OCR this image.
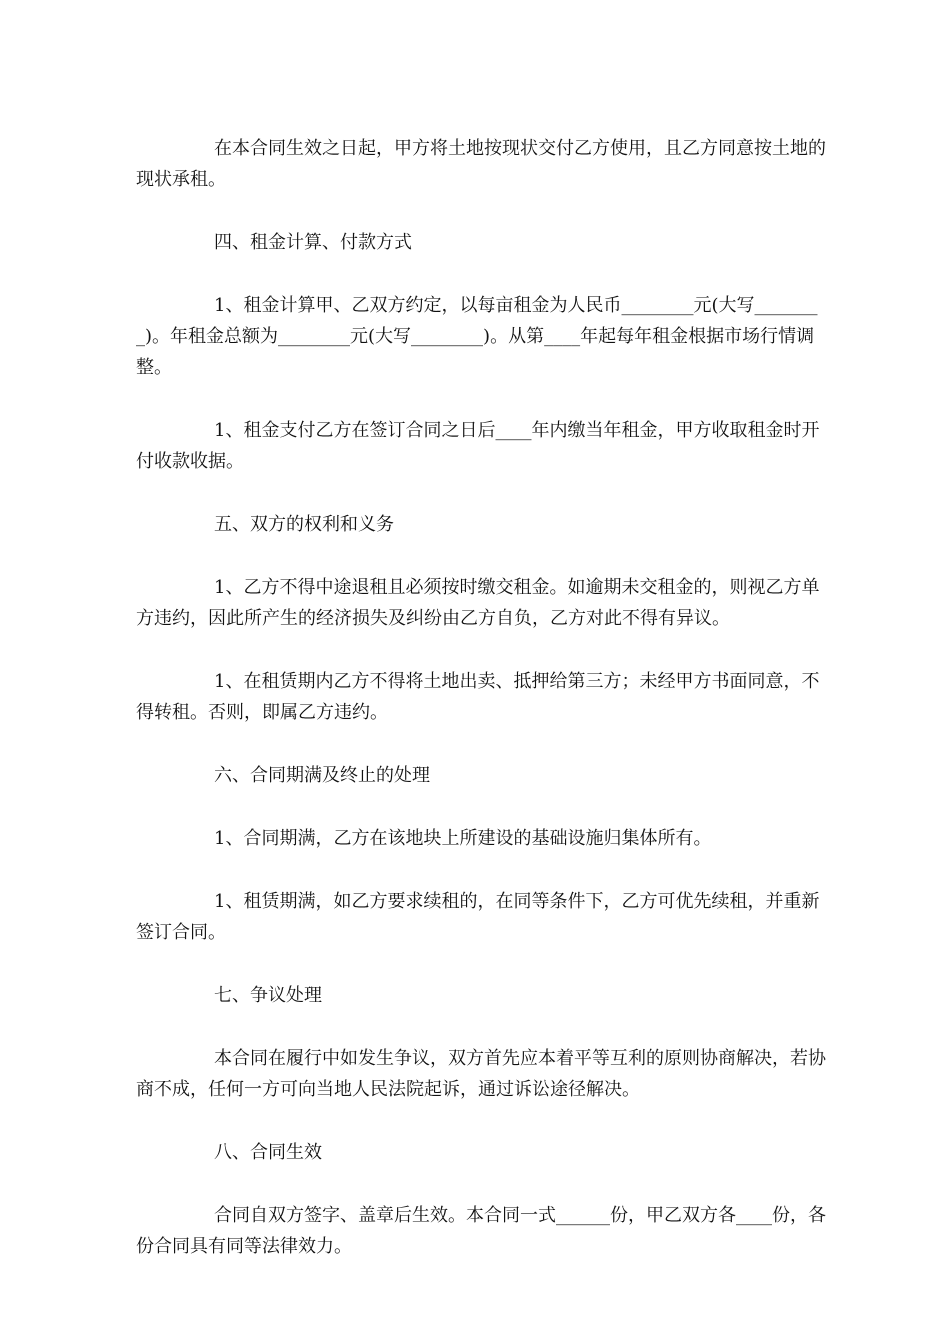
在本合同生效之日起，甲方将土地按现状交付乙方使用，且乙方同意按土地的现状承租。

四、租金计算、付款方式

1、租金计算甲、乙双方约定，以每亩租金为人民币________元(大写________)。年租金总额为________元(大写________)。从第____年起每年租金根据市场行情调整。

1、租金支付乙方在签订合同之日后____年内缴当年租金，甲方收取租金时开付收款收据。

五、双方的权利和义务

1、乙方不得中途退租且必须按时缴交租金。如逾期未交租金的，则视乙方单方违约，因此所产生的经济损失及纠纷由乙方自负，乙方对此不得有异议。

1、在租赁期内乙方不得将土地出卖、抵押给第三方；未经甲方书面同意，不得转租。否则，即属乙方违约。

六、合同期满及终止的处理

1、合同期满，乙方在该地块上所建设的基础设施归集体所有。

1、租赁期满，如乙方要求续租的，在同等条件下，乙方可优先续租，并重新签订合同。

七、争议处理

本合同在履行中如发生争议，双方首先应本着平等互利的原则协商解决，若协商不成，任何一方可向当地人民法院起诉，通过诉讼途径解决。

八、合同生效

合同自双方签字、盖章后生效。本合同一式______份，甲乙双方各____份，各份合同具有同等法律效力。
